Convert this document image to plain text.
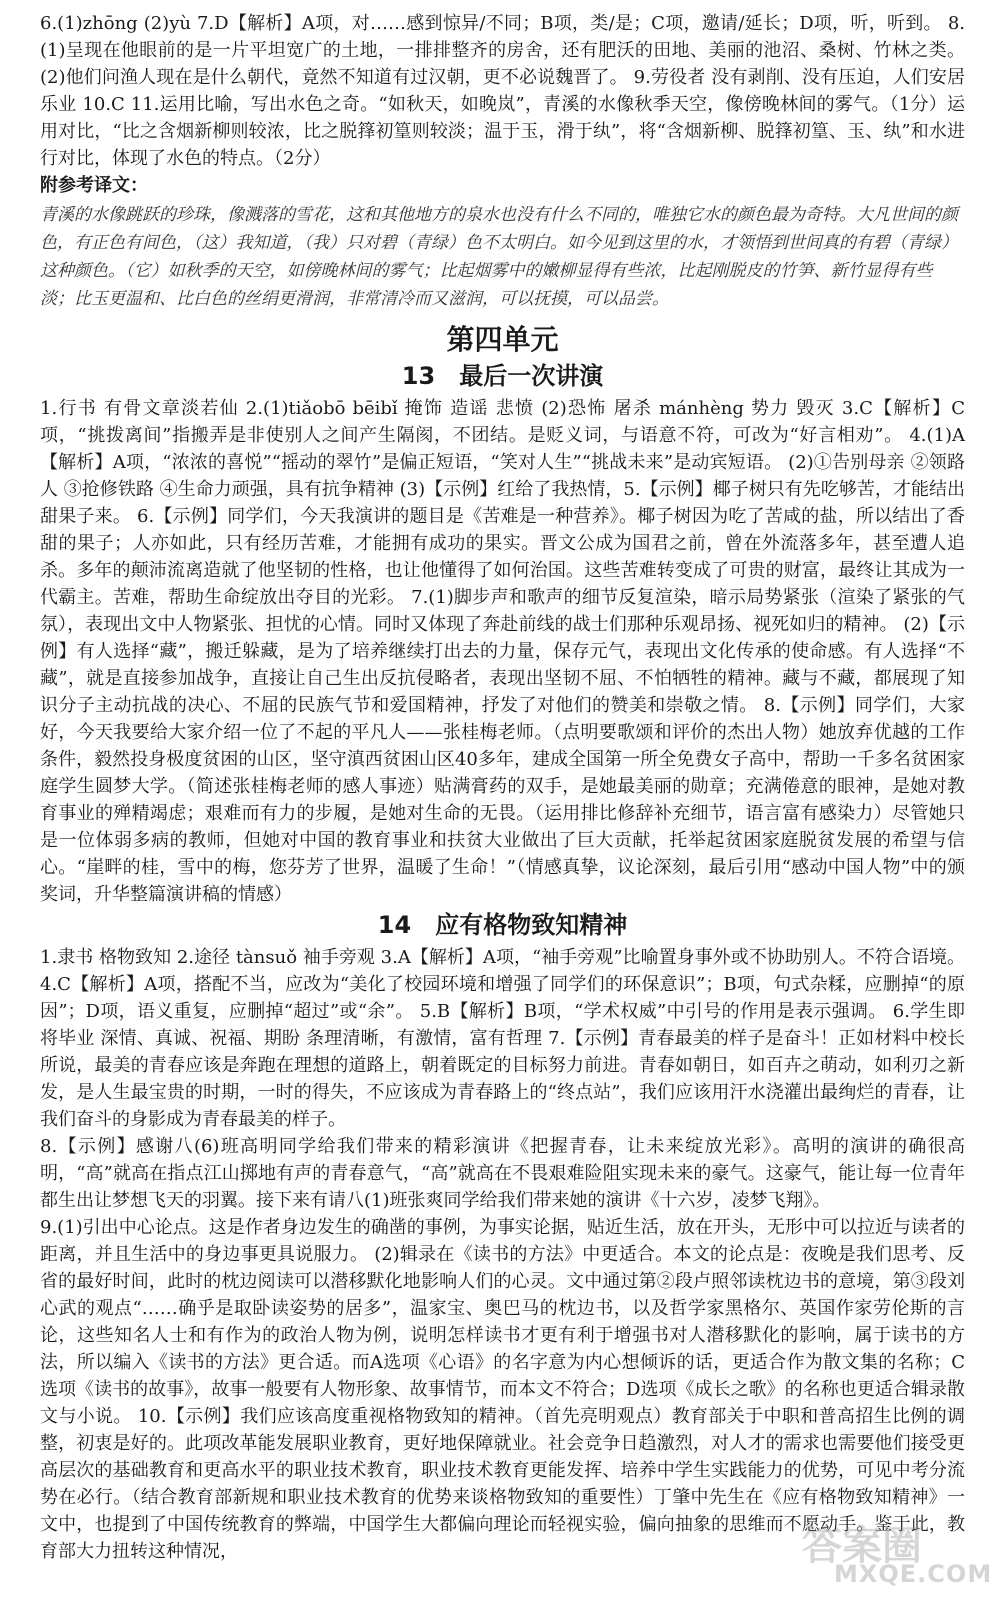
6.(1)zhōng (2)yù 7.D【解析】A项，对……感到惊异/不同；B项，类/是；C项，邀请/延长；D项，听，听到。 8.(1)呈现在他眼前的是一片平坦宽广的土地，一排排整齐的房舍，还有肥沃的田地、美丽的池沼、桑树、竹林之类。 (2)他们问渔人现在是什么朝代，竟然不知道有过汉朝，更不必说魏晋了。 9.劳役者 没有剥削、没有压迫，人们安居乐业 10.C 11.运用比喻，写出水色之奇。“如秋天，如晚岚”，青溪的水像秋季天空，像傍晚林间的雾气。（1分）运用对比，“比之含烟新柳则较浓，比之脱箨初篁则较淡；温于玉，滑于纨”，将“含烟新柳、脱箨初篁、玉、纨”和水进行对比，体现了水色的特点。（2分）

附参考译文：

青溪的水像跳跃的珍珠，像溅落的雪花，这和其他地方的泉水也没有什么不同的，唯独它水的颜色最为奇特。大凡世间的颜色，有正色有间色，（这）我知道，（我）只对碧（青绿）色不太明白。如今见到这里的水，才领悟到世间真的有碧（青绿）这种颜色。（它）如秋季的天空，如傍晚林间的雾气；比起烟雾中的嫩柳显得有些浓，比起刚脱皮的竹笋、新竹显得有些淡；比玉更温和、比白色的丝绢更滑润，非常清冷而又滋润，可以抚摸，可以品尝。

第四单元
13　最后一次讲演

1.行书 有骨文章淡若仙 2.(1)tiǎobō bēibǐ 掩饰 造谣 悲愤 (2)恐怖 屠杀 mánhèng 势力 毁灭 3.C【解析】C项，“挑拨离间”指搬弄是非使别人之间产生隔阂，不团结。是贬义词，与语意不符，可改为“好言相劝”。 4.(1)A【解析】A项，“浓浓的喜悦”“摇动的翠竹”是偏正短语，“笑对人生”“挑战未来”是动宾短语。 (2)①告别母亲 ②领路人 ③抢修铁路 ④生命力顽强，具有抗争精神 (3)【示例】红给了我热情，5.【示例】椰子树只有先吃够苦，才能结出甜果子来。 6.【示例】同学们，今天我演讲的题目是《苦难是一种营养》。椰子树因为吃了苦咸的盐，所以结出了香甜的果子；人亦如此，只有经历苦难，才能拥有成功的果实。晋文公成为国君之前，曾在外流落多年，甚至遭人追杀。多年的颠沛流离造就了他坚韧的性格，也让他懂得了如何治国。这些苦难转变成了可贵的财富，最终让其成为一代霸主。苦难，帮助生命绽放出夺目的光彩。 7.(1)脚步声和歌声的细节反复渲染，暗示局势紧张（渲染了紧张的气氛），表现出文中人物紧张、担忧的心情。同时又体现了奔赴前线的战士们那种乐观昂扬、视死如归的精神。 (2)【示例】有人选择“藏”，搬迁躲藏，是为了培养继续打出去的力量，保存元气，表现出文化传承的使命感。有人选择“不藏”，就是直接参加战争，直接让自己生出反抗侵略者，表现出坚韧不屈、不怕牺牲的精神。藏与不藏，都展现了知识分子主动抗战的决心、不屈的民族气节和爱国精神，抒发了对他们的赞美和崇敬之情。 8.【示例】同学们，大家好，今天我要给大家介绍一位了不起的平凡人——张桂梅老师。（点明要歌颂和评价的杰出人物）她放弃优越的工作条件，毅然投身极度贫困的山区，坚守滇西贫困山区40多年，建成全国第一所全免费女子高中，帮助一千多名贫困家庭学生圆梦大学。（简述张桂梅老师的感人事迹）贴满膏药的双手，是她最美丽的勋章；充满倦意的眼神，是她对教育事业的殚精竭虑；艰难而有力的步履，是她对生命的无畏。（运用排比修辞补充细节，语言富有感染力）尽管她只是一位体弱多病的教师，但她对中国的教育事业和扶贫大业做出了巨大贡献，托举起贫困家庭脱贫发展的希望与信心。“崖畔的桂，雪中的梅，您芬芳了世界，温暖了生命！”（情感真挚，议论深刻，最后引用“感动中国人物”中的颁奖词，升华整篇演讲稿的情感）

14　应有格物致知精神

1.隶书 格物致知 2.途径 tànsuǒ 袖手旁观 3.A【解析】A项，“袖手旁观”比喻置身事外或不协助别人。不符合语境。 4.C【解析】A项，搭配不当，应改为“美化了校园环境和增强了同学们的环保意识”；B项，句式杂糅，应删掉“的原因”；D项，语义重复，应删掉“超过”或“余”。 5.B【解析】B项，“学术权威”中引号的作用是表示强调。 6.学生即将毕业 深情、真诚、祝福、期盼 条理清晰，有激情，富有哲理 7.【示例】青春最美的样子是奋斗！正如材料中校长所说，最美的青春应该是奔跑在理想的道路上，朝着既定的目标努力前进。青春如朝日，如百卉之萌动，如利刃之新发，是人生最宝贵的时期，一时的得失，不应该成为青春路上的“终点站”，我们应该用汗水浇灌出最绚烂的青春，让我们奋斗的身影成为青春最美的样子。

8.【示例】感谢八(6)班高明同学给我们带来的精彩演讲《把握青春，让未来绽放光彩》。高明的演讲的确很高明，“高”就高在指点江山掷地有声的青春意气，“高”就高在不畏艰难险阻实现未来的豪气。这豪气，能让每一位青年都生出让梦想飞天的羽翼。接下来有请八(1)班张爽同学给我们带来她的演讲《十六岁，凌梦飞翔》。

9.(1)引出中心论点。这是作者身边发生的确凿的事例，为事实论据，贴近生活，放在开头，无形中可以拉近与读者的距离，并且生活中的身边事更具说服力。 (2)辑录在《读书的方法》中更适合。本文的论点是：夜晚是我们思考、反省的最好时间，此时的枕边阅读可以潜移默化地影响人们的心灵。文中通过第②段卢照邻读枕边书的意境，第③段刘心武的观点“……确乎是取卧读姿势的居多”，温家宝、奥巴马的枕边书，以及哲学家黑格尔、英国作家劳伦斯的言论，这些知名人士和有作为的政治人物为例，说明怎样读书才更有利于增强书对人潜移默化的影响，属于读书的方法，所以编入《读书的方法》更合适。而A选项《心语》的名字意为内心想倾诉的话，更适合作为散文集的名称；C选项《读书的故事》，故事一般要有人物形象、故事情节，而本文不符合；D选项《成长之歌》的名称也更适合辑录散文与小说。 10.【示例】我们应该高度重视格物致知的精神。（首先亮明观点）教育部关于中职和普高招生比例的调整，初衷是好的。此项改革能发展职业教育，更好地保障就业。社会竞争日趋激烈，对人才的需求也需要他们接受更高层次的基础教育和更高水平的职业技术教育，职业技术教育更能发挥、培养中学生实践能力的优势，可见中考分流势在必行。（结合教育部新规和职业技术教育的优势来谈格物致知的重要性）丁肇中先生在《应有格物致知精神》一文中，也提到了中国传统教育的弊端，中国学生大都偏向理论而轻视实验，偏向抽象的思维而不愿动手。鉴于此，教育部大力扭转这种情况，	答案圈
MXQE.COM
